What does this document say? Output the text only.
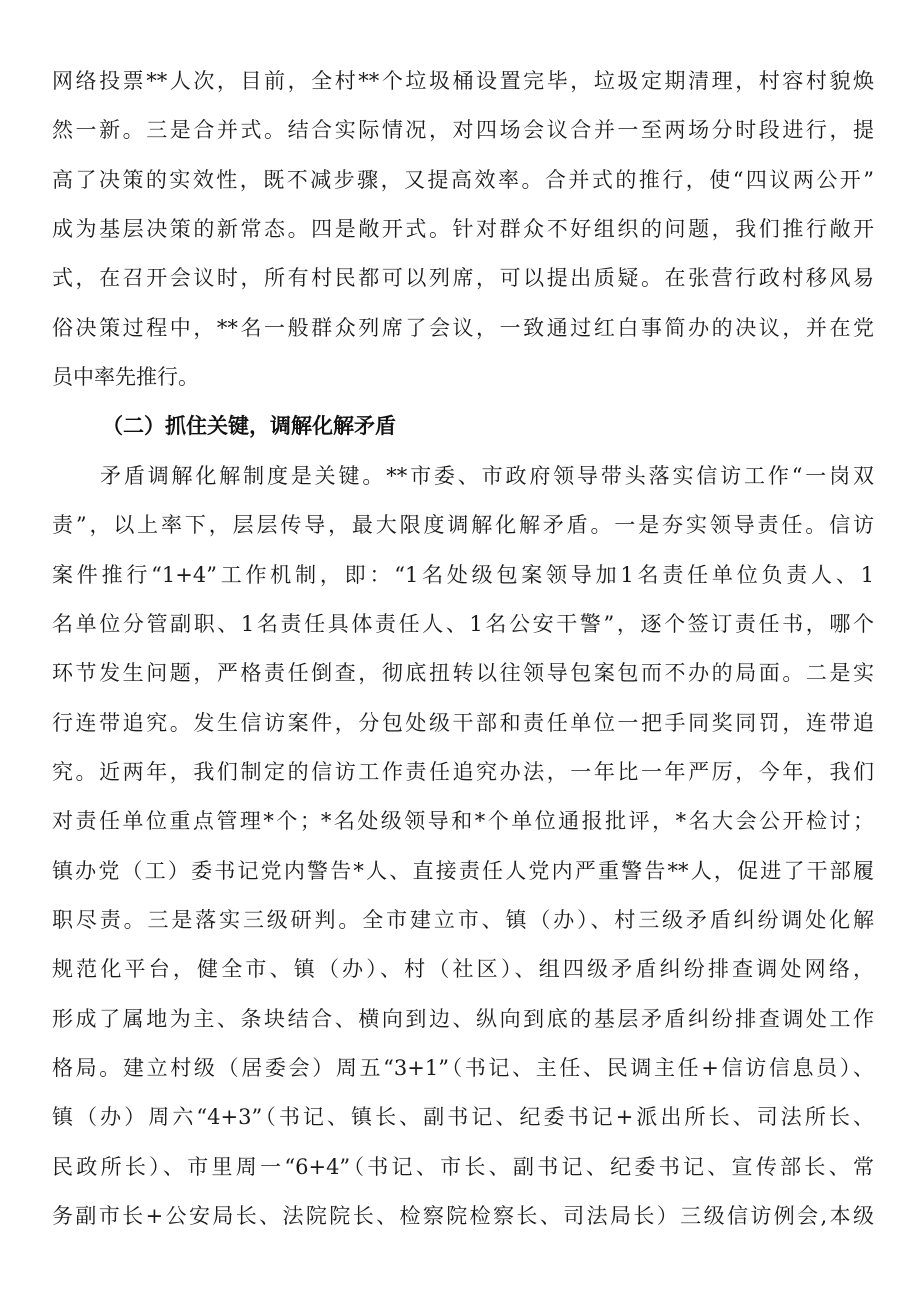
网络投票**人次，目前，全村**个垃圾桶设置完毕，垃圾定期清理，村容村貌焕
然一新。三是合并式。结合实际情况，对四场会议合并一至两场分时段进行，提
高了决策的实效性，既不减步骤，又提高效率。合并式的推行，使“四议两公开”
成为基层决策的新常态。四是敞开式。针对群众不好组织的问题，我们推行敞开
式，在召开会议时，所有村民都可以列席，可以提出质疑。在张营行政村移风易
俗决策过程中，**名一般群众列席了会议，一致通过红白事简办的决议，并在党
员中率先推行。
（二）抓住关键，调解化解矛盾
矛盾调解化解制度是关键。**市委、市政府领导带头落实信访工作“一岗双
责”，以上率下，层层传导，最大限度调解化解矛盾。一是夯实领导责任。信访
案件推行“1+4”工作机制，即：“1名处级包案领导加1名责任单位负责人、1
名单位分管副职、1名责任具体责任人、1名公安干警”，逐个签订责任书，哪个
环节发生问题，严格责任倒查，彻底扭转以往领导包案包而不办的局面。二是实
行连带追究。发生信访案件，分包处级干部和责任单位一把手同奖同罚，连带追
究。近两年，我们制定的信访工作责任追究办法，一年比一年严厉，今年，我们
对责任单位重点管理*个；*名处级领导和*个单位通报批评，*名大会公开检讨；
镇办党（工）委书记党内警告*人、直接责任人党内严重警告**人，促进了干部履
职尽责。三是落实三级研判。全市建立市、镇（办）、村三级矛盾纠纷调处化解
规范化平台，健全市、镇（办）、村（社区）、组四级矛盾纠纷排查调处网络，
形成了属地为主、条块结合、横向到边、纵向到底的基层矛盾纠纷排查调处工作
格局。建立村级（居委会）周五“3+1”（书记、主任、民调主任+信访信息员）、
镇（办）周六“4+3”（书记、镇长、副书记、纪委书记+派出所长、司法所长、
民政所长）、市里周一“6+4”（书记、市长、副书记、纪委书记、宣传部长、常
务副市长+公安局长、法院院长、检察院检察长、司法局长）三级信访例会,本级
